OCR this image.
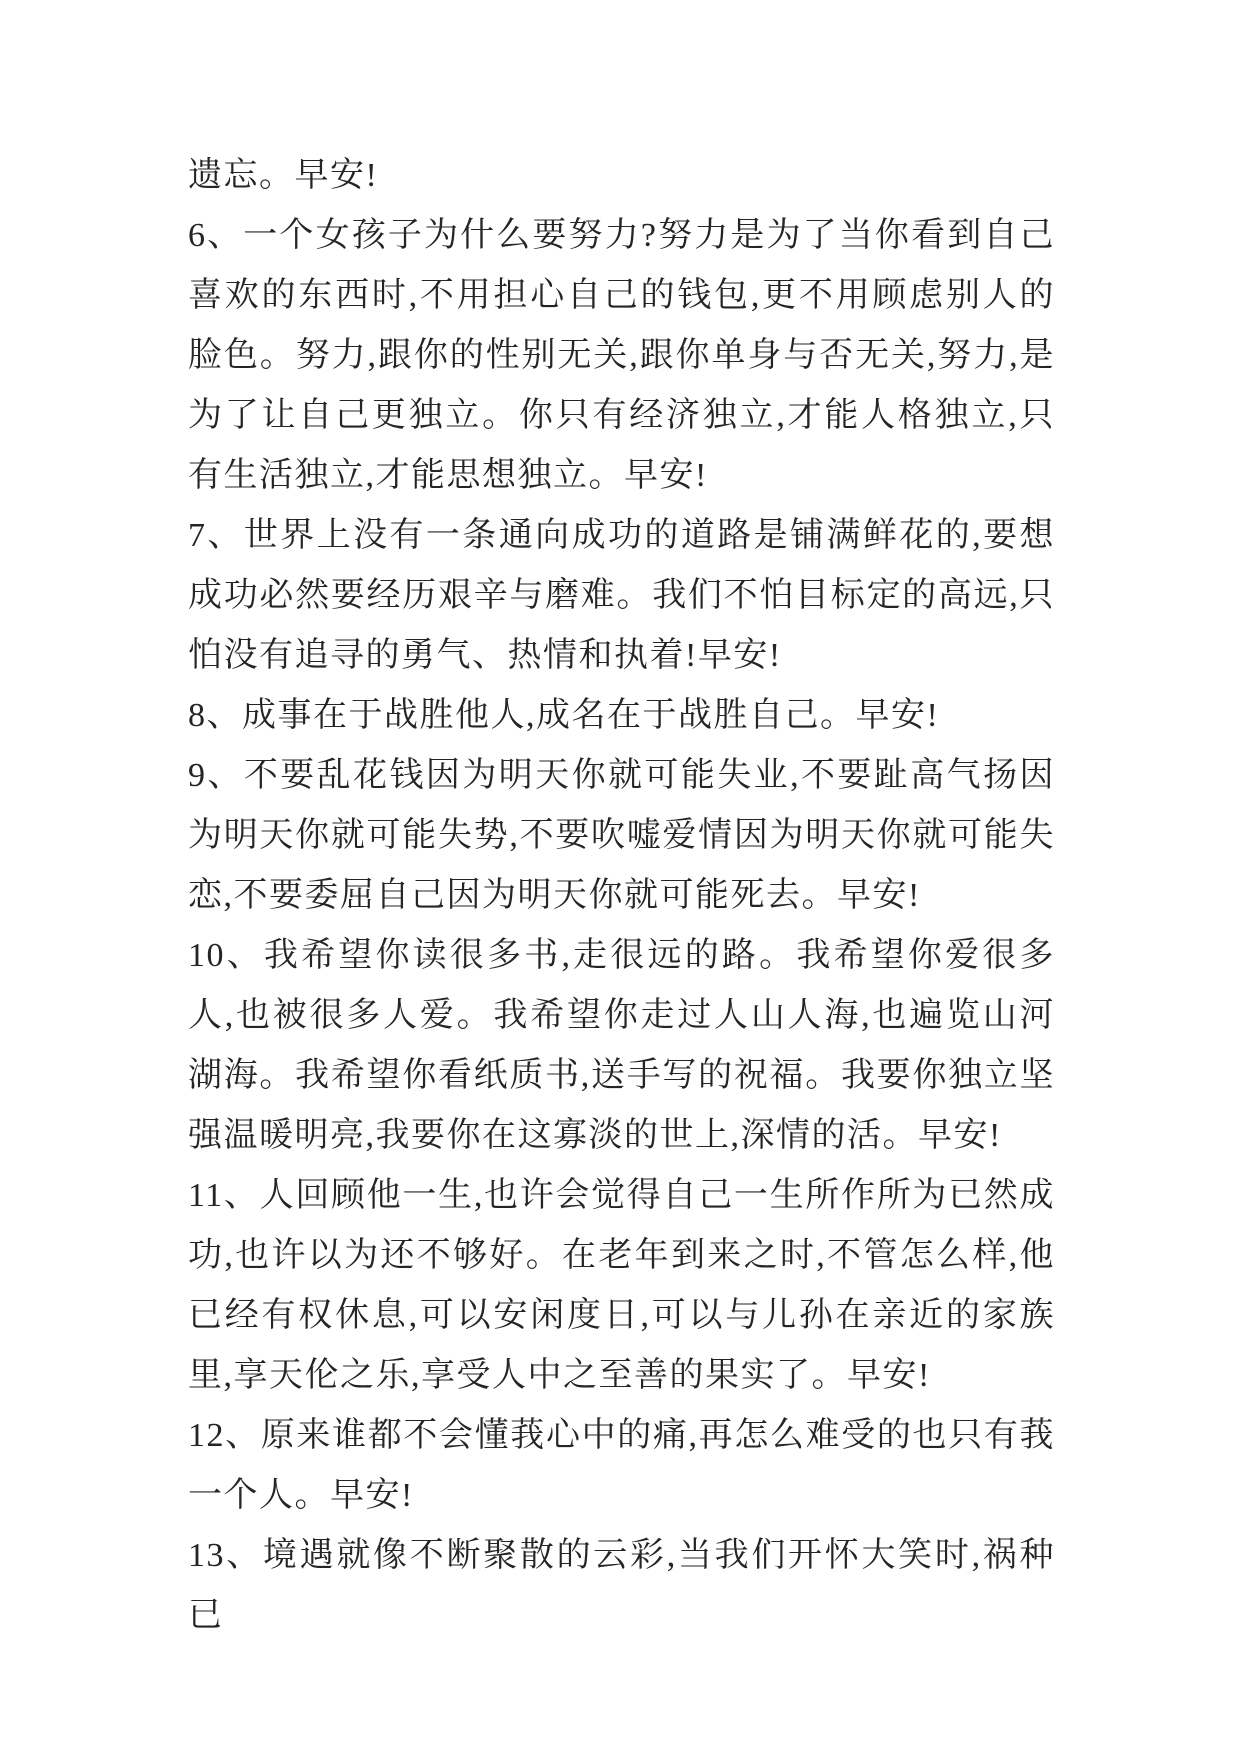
遗忘。早安!

6、一个女孩子为什么要努力?努力是为了当你看到自己喜欢的东西时,不用担心自己的钱包,更不用顾虑别人的脸色。努力,跟你的性别无关,跟你单身与否无关,努力,是为了让自己更独立。你只有经济独立,才能人格独立,只有生活独立,才能思想独立。早安!

7、世界上没有一条通向成功的道路是铺满鲜花的,要想成功必然要经历艰辛与磨难。我们不怕目标定的高远,只怕没有追寻的勇气、热情和执着!早安!

8、成事在于战胜他人,成名在于战胜自己。早安!

9、不要乱花钱因为明天你就可能失业,不要趾高气扬因为明天你就可能失势,不要吹嘘爱情因为明天你就可能失恋,不要委屈自己因为明天你就可能死去。早安!

10、我希望你读很多书,走很远的路。我希望你爱很多人,也被很多人爱。我希望你走过人山人海,也遍览山河湖海。我希望你看纸质书,送手写的祝福。我要你独立坚强温暖明亮,我要你在这寡淡的世上,深情的活。早安!

11、人回顾他一生,也许会觉得自己一生所作所为已然成功,也许以为还不够好。在老年到来之时,不管怎么样,他已经有权休息,可以安闲度日,可以与儿孙在亲近的家族里,享天伦之乐,享受人中之至善的果实了。早安!

12、原来谁都不会懂莪心中的痛,再怎么难受的也只有莪一个人。早安!

13、境遇就像不断聚散的云彩,当我们开怀大笑时,祸种已
